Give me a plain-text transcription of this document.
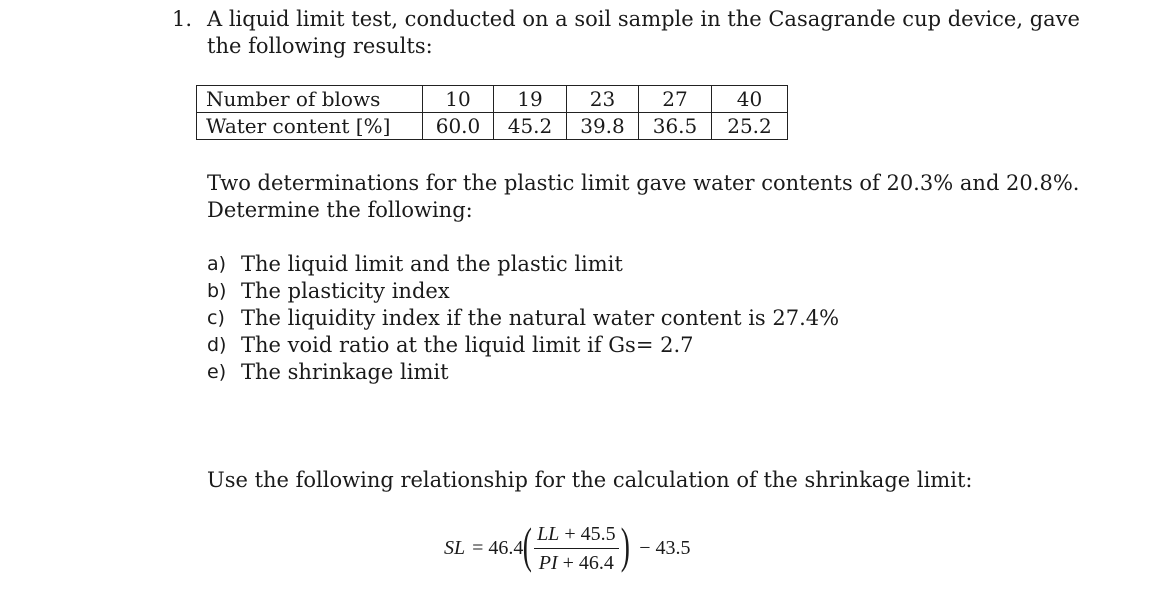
1. A liquid limit test, conducted on a soil sample in the Casagrande cup device, gave the following results:
Number of blows	10	19	23	27	40
Water content [%]	60.0	45.2	39.8	36.5	25.2
Two determinations for the plastic limit gave water contents of 20.3% and 20.8%. Determine the following:
a) The liquid limit and the plastic limit
b) The plasticity index
c) The liquidity index if the natural water content is 27.4%
d) The void ratio at the liquid limit if Gs= 2.7
e) The shrinkage limit
Use the following relationship for the calculation of the shrinkage limit:
SL = 46.4 ( $\frac{LL + 45.5}{PI + 46.4}$ ) − 43.5
